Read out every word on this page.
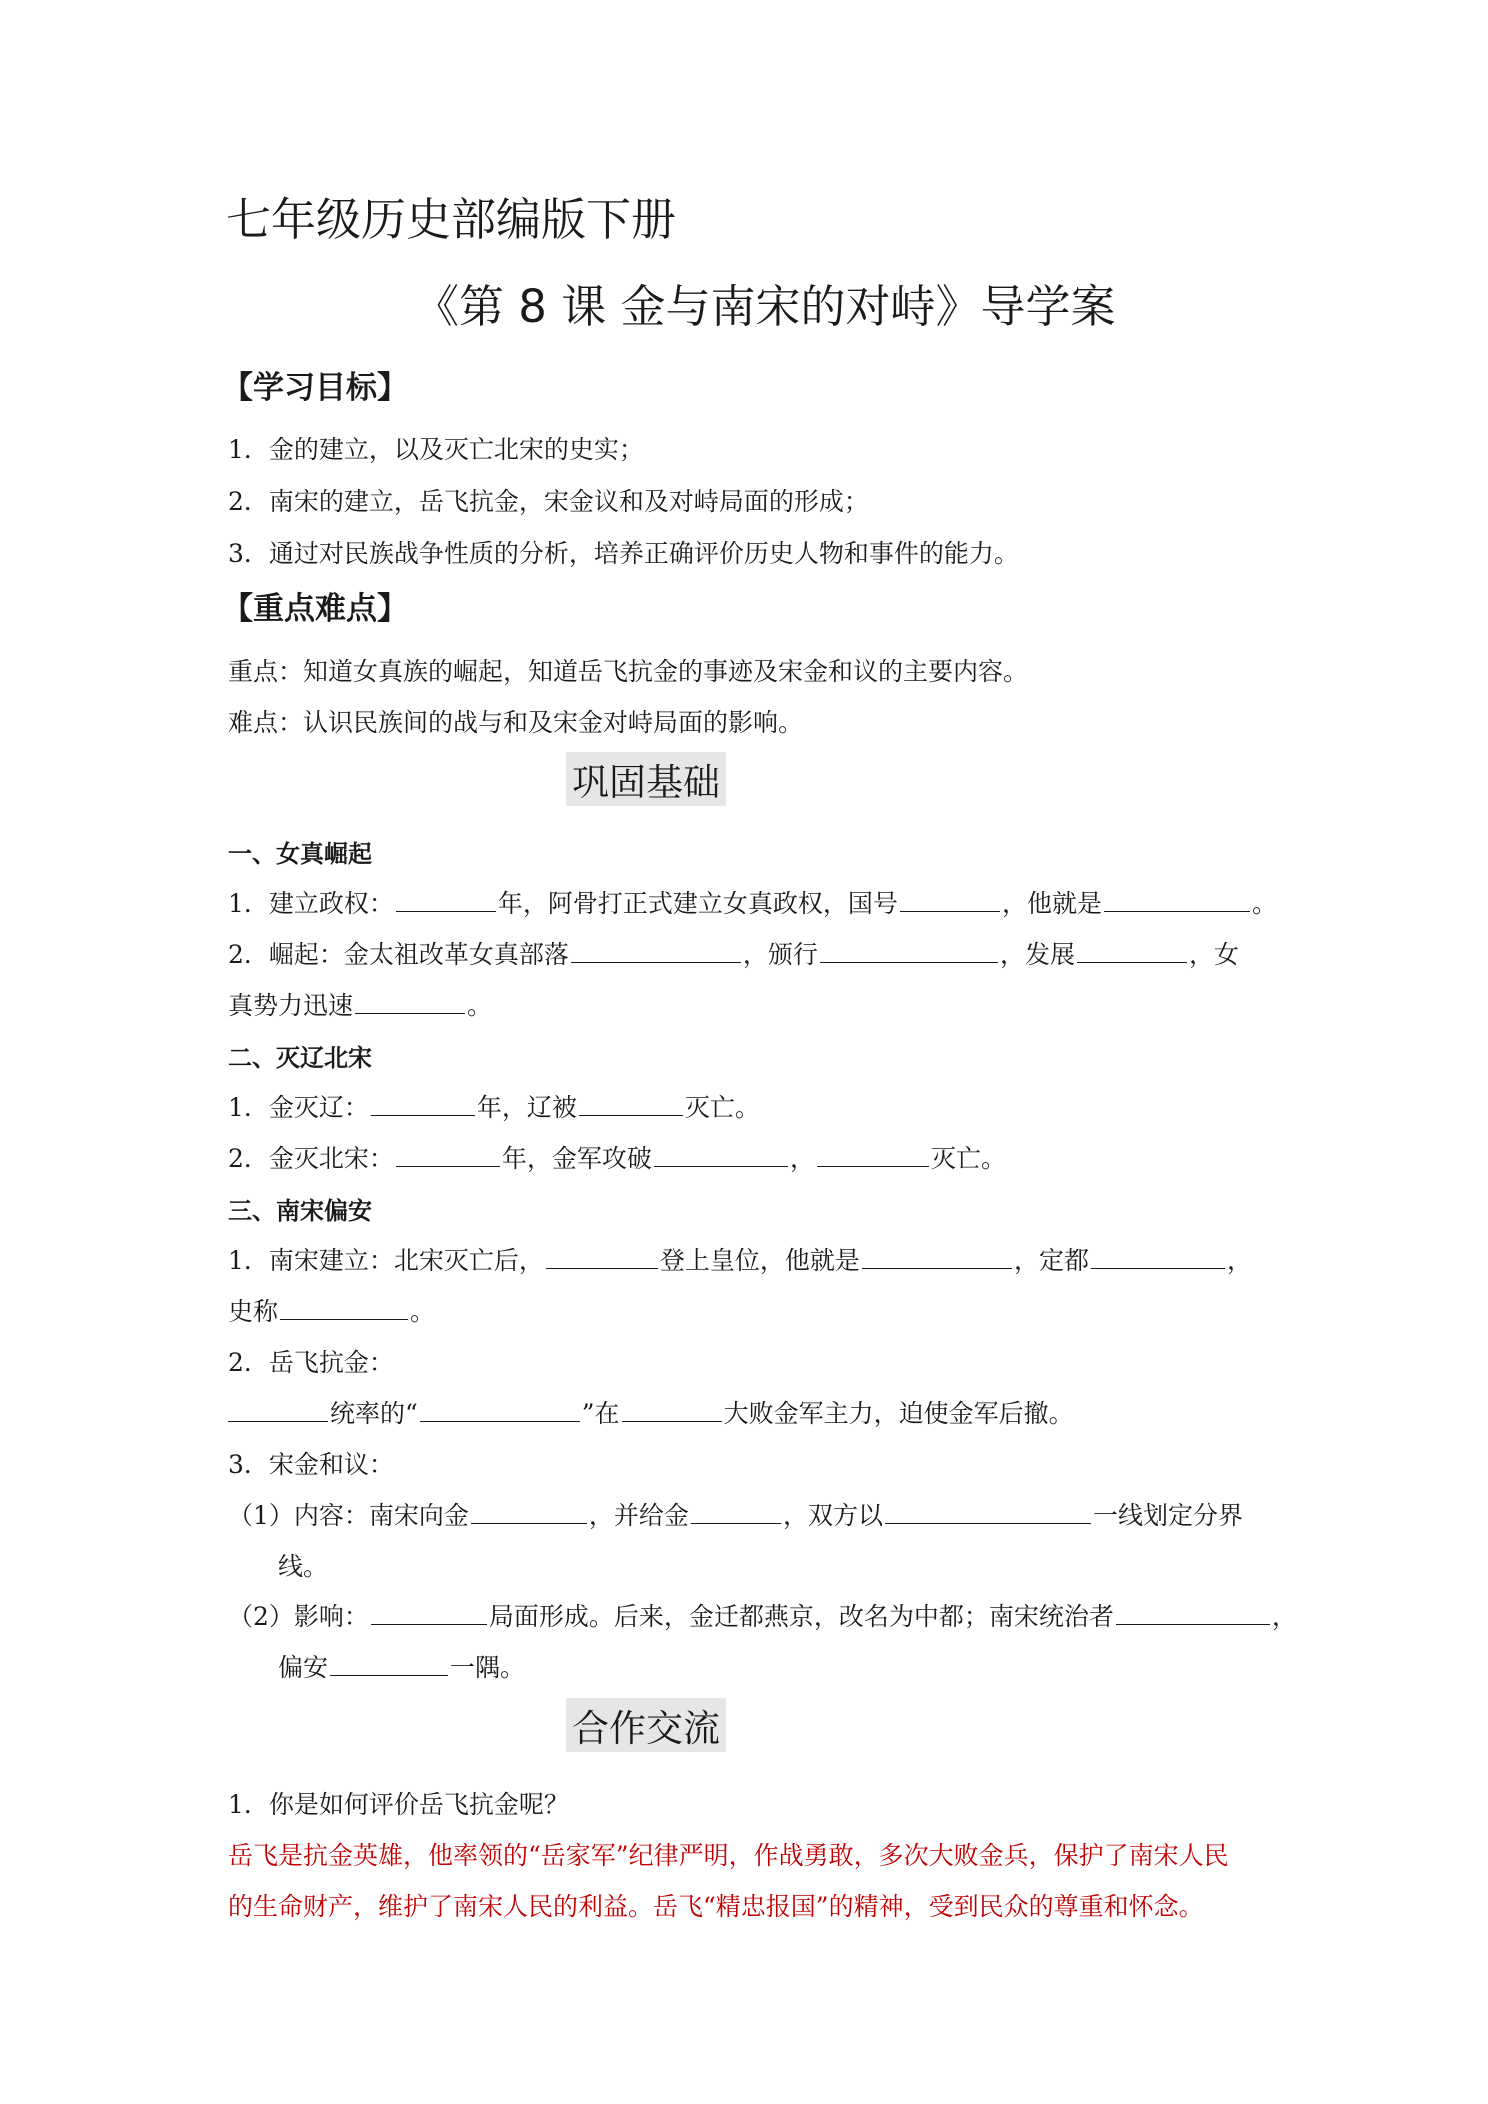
七年级历史部编版下册
《第 8 课 金与南宋的对峙》导学案
【学习目标】
1．金的建立，以及灭亡北宋的史实；
2．南宋的建立，岳飞抗金，宋金议和及对峙局面的形成；
3．通过对民族战争性质的分析，培养正确评价历史人物和事件的能力。
【重点难点】
重点：知道女真族的崛起，知道岳飞抗金的事迹及宋金和议的主要内容。
难点：认识民族间的战与和及宋金对峙局面的影响。
巩固基础
一、女真崛起
1．建立政权：	年，阿骨打正式建立女真政权，国号	，他就是	。
2．崛起：金太祖改革女真部落	，颁行	，发展	，女
真势力迅速	。
二、灭辽北宋
1．金灭辽：	年，辽被	灭亡。
2．金灭北宋：	年，金军攻破	，	灭亡。
三、南宋偏安
1．南宋建立：北宋灭亡后，	登上皇位，他就是	，定都	，
史称	。
2．岳飞抗金：
统率的“	”在	大败金军主力，迫使金军后撤。
3．宋金和议：
（1）内容：南宋向金	，并给金	，双方以	一线划定分界
线。
（2）影响：	局面形成。后来，金迁都燕京，改名为中都；南宋统治者	，
偏安	一隅。
合作交流
1．你是如何评价岳飞抗金呢？
岳飞是抗金英雄，他率领的“岳家军”纪律严明，作战勇敢，多次大败金兵，保护了南宋人民
的生命财产，维护了南宋人民的利益。岳飞“精忠报国”的精神，受到民众的尊重和怀念。
